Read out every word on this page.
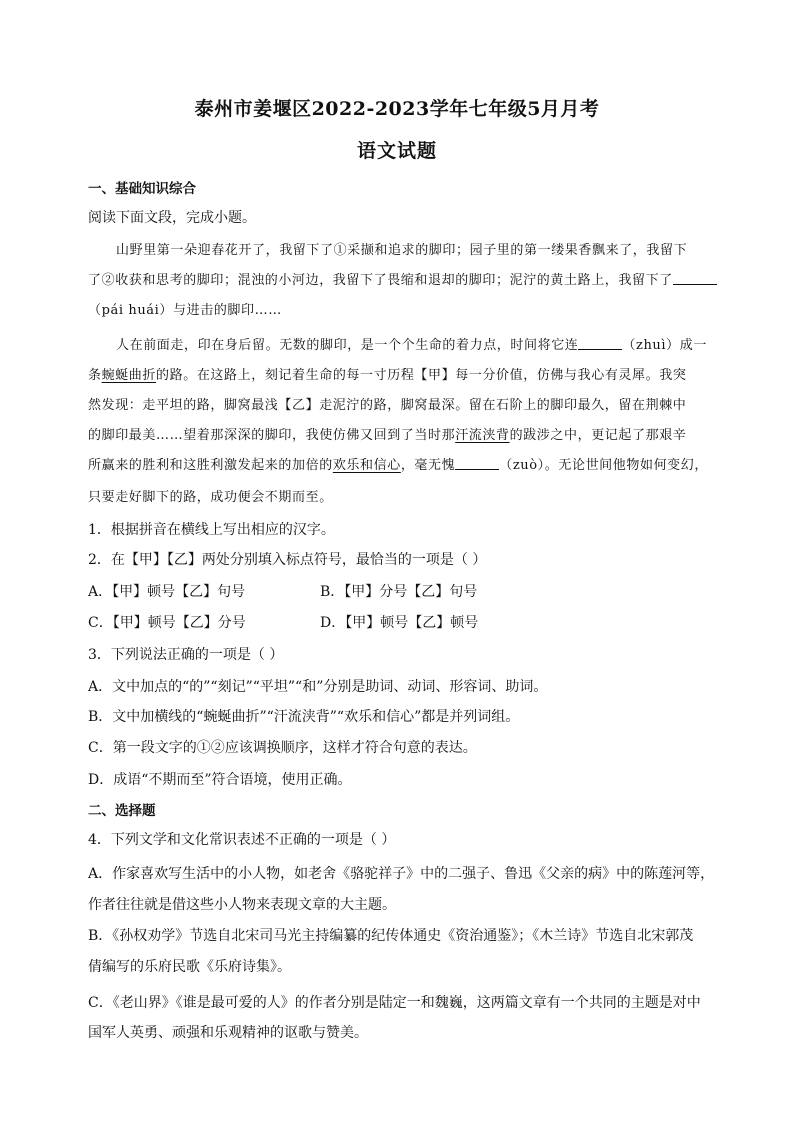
泰州市姜堰区2022-2023学年七年级5月月考
语文试题
一、基础知识综合
阅读下面文段，完成小题。
山野里第一朵迎春花开了，我留下了①采撷和追求的脚印；园子里的第一缕果香飘来了，我留下
了②收获和思考的脚印；混浊的小河边，我留下了畏缩和退却的脚印；泥泞的黄土路上，我留下了
（pái huái）与进击的脚印……
人在前面走，印在身后留。无数的脚印，是一个个生命的着力点，时间将它连	（zhuì）成一
条蜿蜒曲折的路。在这路上，刻记着生命的每一寸历程【甲】每一分价值，仿佛与我心有灵犀。我突
然发现：走平坦的路，脚窝最浅【乙】走泥泞的路，脚窝最深。留在石阶上的脚印最久，留在荆棘中
的脚印最美……望着那深深的脚印，我使仿佛又回到了当时那汗流浃背的跋涉之中，更记起了那艰辛
所赢来的胜利和这胜利激发起来的加倍的欢乐和信心，毫无愧	（zuò）。无论世间他物如何变幻，
只要走好脚下的路，成功便会不期而至。
1．根据拼音在横线上写出相应的汉字。
2．在【甲】【乙】两处分别填入标点符号，最恰当的一项是（ ）
A．【甲】顿号【乙】句号	B．【甲】分号【乙】句号
C．【甲】顿号【乙】分号	D．【甲】顿号【乙】顿号
3．下列说法正确的一项是（ ）
A．文中加点的“的”“刻记”“平坦”“和”分别是助词、动词、形容词、助词。
B．文中加横线的“蜿蜒曲折”“汗流浃背”“欢乐和信心”都是并列词组。
C．第一段文字的①②应该调换顺序，这样才符合句意的表达。
D．成语“不期而至”符合语境，使用正确。
二、选择题
4．下列文学和文化常识表述不正确的一项是（ ）
A．作家喜欢写生活中的小人物，如老舍《骆驼祥子》中的二强子、鲁迅《父亲的病》中的陈莲河等，
作者往往就是借这些小人物来表现文章的大主题。
B．《孙权劝学》节选自北宋司马光主持编纂的纪传体通史《资治通鉴》；《木兰诗》节选自北宋郭茂
倩编写的乐府民歌《乐府诗集》。
C．《老山界》《谁是最可爱的人》的作者分别是陆定一和魏巍，这两篇文章有一个共同的主题是对中
国军人英勇、顽强和乐观精神的讴歌与赞美。
